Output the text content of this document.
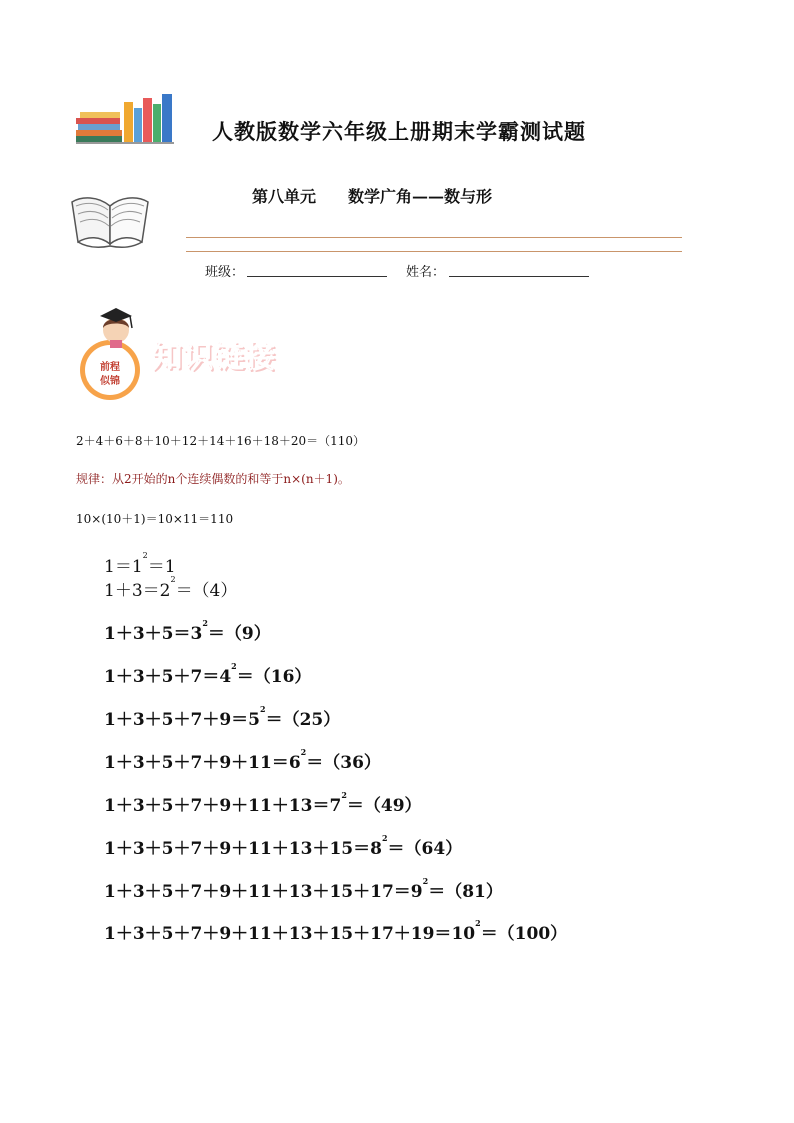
人教版数学六年级上册期末学霸测试题
第八单元 数学广角——数与形
班级：	姓名：
前程
似锦
知识链接
2＋4＋6＋8＋10＋12＋14＋16＋18＋20＝（110）
规律：从2开始的n个连续偶数的和等于n×(n＋1)。
10×(10＋1)＝10×11＝110
$1=1^2=1$
$1+3=2^2=(4)$
$1+3+5=3^2=(9)$
$1+3+5+7=4^2=(16)$
$1+3+5+7+9=5^2=(25)$
$1+3+5+7+9+11=6^2=(36)$
$1+3+5+7+9+11+13=7^2=(49)$
$1+3+5+7+9+11+13+15=8^2=(64)$
$1+3+5+7+9+11+13+15+17=9^2=(81)$
$1+3+5+7+9+11+13+15+17+19=10^2=(100)$
